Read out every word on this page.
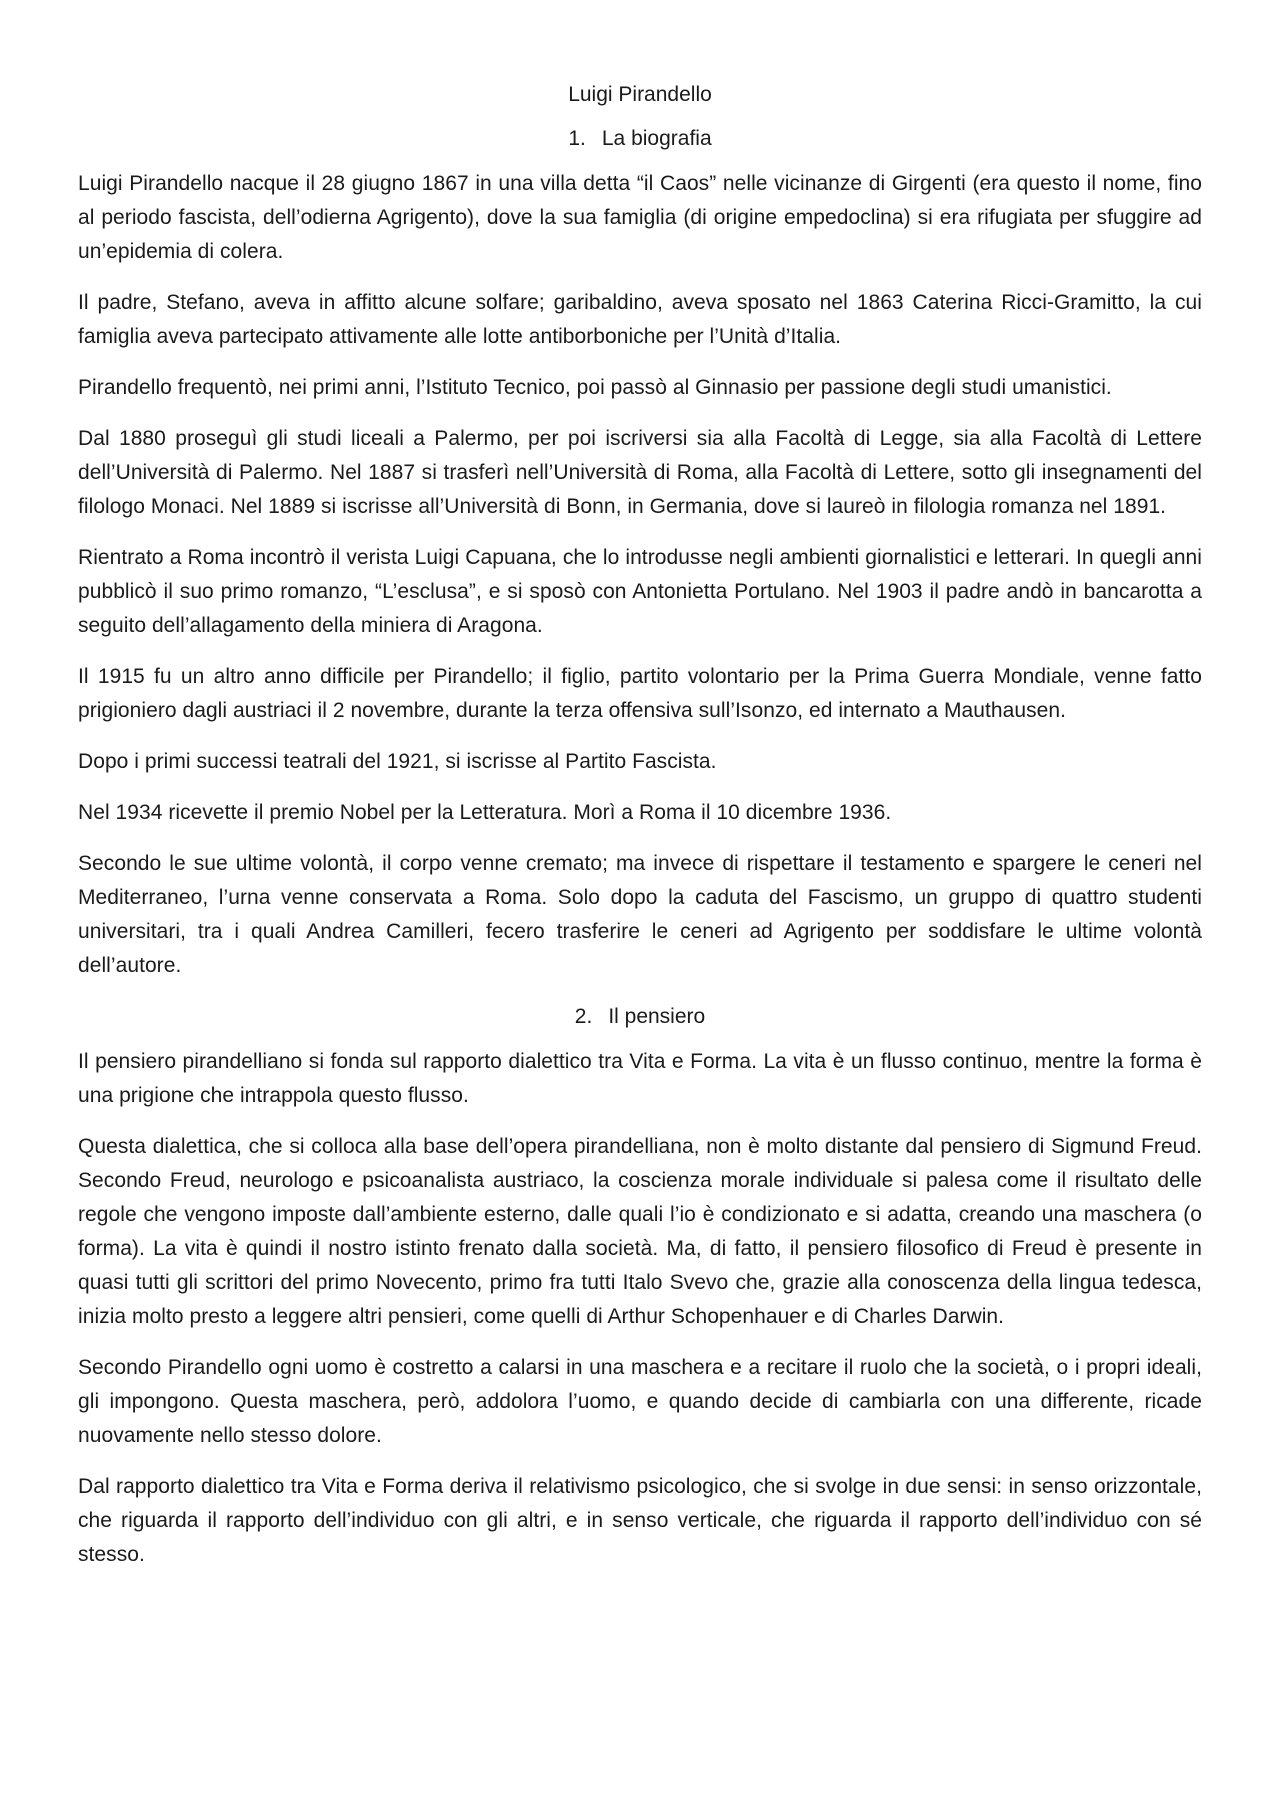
Luigi Pirandello
1. La biografia

Luigi Pirandello nacque il 28 giugno 1867 in una villa detta “il Caos” nelle vicinanze di Girgenti (era questo il nome, fino al periodo fascista, dell’odierna Agrigento), dove la sua famiglia (di origine empedoclina) si era rifugiata per sfuggire ad un’epidemia di colera.

Il padre, Stefano, aveva in affitto alcune solfare; garibaldino, aveva sposato nel 1863 Caterina Ricci-Gramitto, la cui famiglia aveva partecipato attivamente alle lotte antiborboniche per l’Unità d’Italia.

Pirandello frequentò, nei primi anni, l’Istituto Tecnico, poi passò al Ginnasio per passione degli studi umanistici.

Dal 1880 proseguì gli studi liceali a Palermo, per poi iscriversi sia alla Facoltà di Legge, sia alla Facoltà di Lettere dell’Università di Palermo. Nel 1887 si trasferì nell’Università di Roma, alla Facoltà di Lettere, sotto gli insegnamenti del filologo Monaci. Nel 1889 si iscrisse all’Università di Bonn, in Germania, dove si laureò in filologia romanza nel 1891.

Rientrato a Roma incontrò il verista Luigi Capuana, che lo introdusse negli ambienti giornalistici e letterari. In quegli anni pubblicò il suo primo romanzo, “L’esclusa”, e si sposò con Antonietta Portulano. Nel 1903 il padre andò in bancarotta a seguito dell’allagamento della miniera di Aragona.

Il 1915 fu un altro anno difficile per Pirandello; il figlio, partito volontario per la Prima Guerra Mondiale, venne fatto prigioniero dagli austriaci il 2 novembre, durante la terza offensiva sull’Isonzo, ed internato a Mauthausen.

Dopo i primi successi teatrali del 1921, si iscrisse al Partito Fascista.

Nel 1934 ricevette il premio Nobel per la Letteratura. Morì a Roma il 10 dicembre 1936.

Secondo le sue ultime volontà, il corpo venne cremato; ma invece di rispettare il testamento e spargere le ceneri nel Mediterraneo, l’urna venne conservata a Roma. Solo dopo la caduta del Fascismo, un gruppo di quattro studenti universitari, tra i quali Andrea Camilleri, fecero trasferire le ceneri ad Agrigento per soddisfare le ultime volontà dell’autore.

2. Il pensiero

Il pensiero pirandelliano si fonda sul rapporto dialettico tra Vita e Forma. La vita è un flusso continuo, mentre la forma è una prigione che intrappola questo flusso.

Questa dialettica, che si colloca alla base dell’opera pirandelliana, non è molto distante dal pensiero di Sigmund Freud. Secondo Freud, neurologo e psicoanalista austriaco, la coscienza morale individuale si palesa come il risultato delle regole che vengono imposte dall’ambiente esterno, dalle quali l’io è condizionato e si adatta, creando una maschera (o forma). La vita è quindi il nostro istinto frenato dalla società. Ma, di fatto, il pensiero filosofico di Freud è presente in quasi tutti gli scrittori del primo Novecento, primo fra tutti Italo Svevo che, grazie alla conoscenza della lingua tedesca, inizia molto presto a leggere altri pensieri, come quelli di Arthur Schopenhauer e di Charles Darwin.

Secondo Pirandello ogni uomo è costretto a calarsi in una maschera e a recitare il ruolo che la società, o i propri ideali, gli impongono. Questa maschera, però, addolora l’uomo, e quando decide di cambiarla con una differente, ricade nuovamente nello stesso dolore.

Dal rapporto dialettico tra Vita e Forma deriva il relativismo psicologico, che si svolge in due sensi: in senso orizzontale, che riguarda il rapporto dell’individuo con gli altri, e in senso verticale, che riguarda il rapporto dell’individuo con sé stesso.
